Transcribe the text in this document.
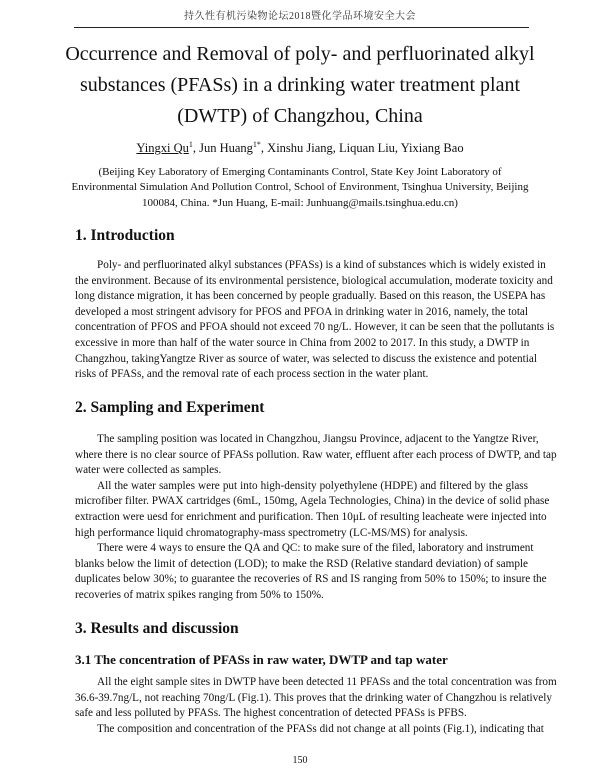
持久性有机污染物论坛2018暨化学品环境安全大会
Occurrence and Removal of poly- and perfluorinated alkyl
substances (PFASs) in a drinking water treatment plant
(DWTP) of Changzhou, China
Yingxi Qu$^1$, Jun Huang$^{1*}$, Xinshu Jiang, Liquan Liu, Yixiang Bao
(Beijing Key Laboratory of Emerging Contaminants Control, State Key Joint Laboratory of
Environmental Simulation And Pollution Control, School of Environment, Tsinghua University, Beijing
100084, China. *Jun Huang, E-mail: Junhuang@mails.tsinghua.edu.cn)
1. Introduction
Poly- and perfluorinated alkyl substances (PFASs) is a kind of substances which is widely existed in
the environment. Because of its environmental persistence, biological accumulation, moderate toxicity and
long distance migration, it has been concerned by people gradually. Based on this reason, the USEPA has
developed a most stringent advisory for PFOS and PFOA in drinking water in 2016, namely, the total
concentration of PFOS and PFOA should not exceed 70 ng/L. However, it can be seen that the pollutants is
excessive in more than half of the water source in China from 2002 to 2017. In this study, a DWTP in
Changzhou, takingYangtze River as source of water, was selected to discuss the existence and potential
risks of PFASs, and the removal rate of each process section in the water plant.
2. Sampling and Experiment
The sampling position was located in Changzhou, Jiangsu Province, adjacent to the Yangtze River,
where there is no clear source of PFASs pollution. Raw water, effluent after each process of DWTP, and tap
water were collected as samples.
All the water samples were put into high-density polyethylene (HDPE) and filtered by the glass
microfiber filter. PWAX cartridges (6mL, 150mg, Agela Technologies, China) in the device of solid phase
extraction were uesd for enrichment and purification. Then 10μL of resulting leacheate were injected into
high performance liquid chromatography-mass spectrometry (LC-MS/MS) for analysis.
There were 4 ways to ensure the QA and QC: to make sure of the filed, laboratory and instrument
blanks below the limit of detection (LOD); to make the RSD (Relative standard deviation) of sample
duplicates below 30%; to guarantee the recoveries of RS and IS ranging from 50% to 150%; to insure the
recoveries of matrix spikes ranging from 50% to 150%.
3. Results and discussion
3.1 The concentration of PFASs in raw water, DWTP and tap water
All the eight sample sites in DWTP have been detected 11 PFASs and the total concentration was from
36.6-39.7ng/L, not reaching 70ng/L (Fig.1). This proves that the drinking water of Changzhou is relatively
safe and less polluted by PFASs. The highest concentration of detected PFASs is PFBS.
The composition and concentration of the PFASs did not change at all points (Fig.1), indicating that
150
